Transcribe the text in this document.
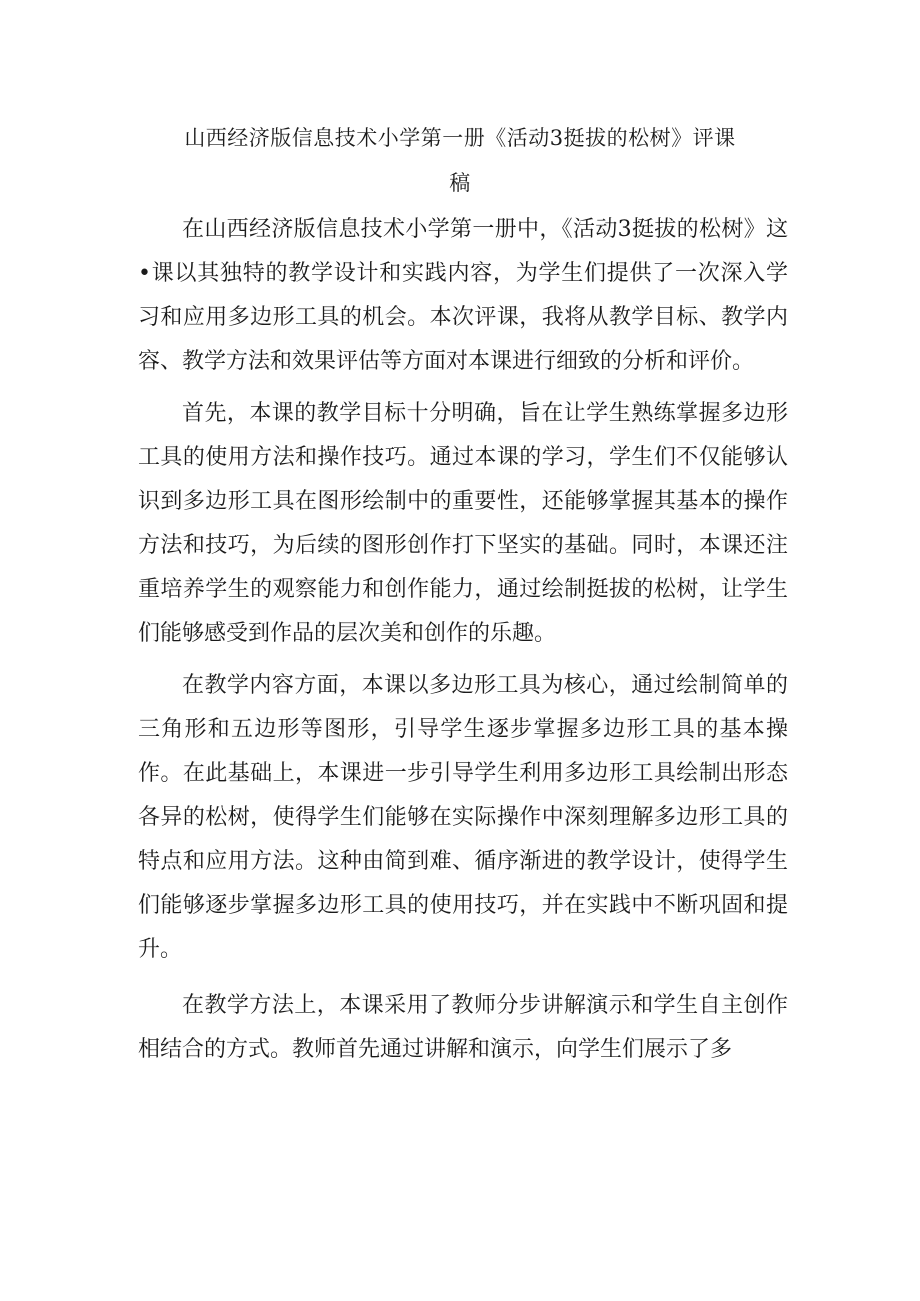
山西经济版信息技术小学第一册《活动3挺拔的松树》评课
稿

在山西经济版信息技术小学第一册中，《活动3挺拔的松树》这•课以其独特的教学设计和实践内容，为学生们提供了一次深入学习和应用多边形工具的机会。本次评课，我将从教学目标、教学内容、教学方法和效果评估等方面对本课进行细致的分析和评价。

首先，本课的教学目标十分明确，旨在让学生熟练掌握多边形工具的使用方法和操作技巧。通过本课的学习，学生们不仅能够认识到多边形工具在图形绘制中的重要性，还能够掌握其基本的操作方法和技巧，为后续的图形创作打下坚实的基础。同时，本课还注重培养学生的观察能力和创作能力，通过绘制挺拔的松树，让学生们能够感受到作品的层次美和创作的乐趣。

在教学内容方面，本课以多边形工具为核心，通过绘制简单的三角形和五边形等图形，引导学生逐步掌握多边形工具的基本操作。在此基础上，本课进一步引导学生利用多边形工具绘制出形态各异的松树，使得学生们能够在实际操作中深刻理解多边形工具的特点和应用方法。这种由简到难、循序渐进的教学设计，使得学生们能够逐步掌握多边形工具的使用技巧，并在实践中不断巩固和提升。

在教学方法上，本课采用了教师分步讲解演示和学生自主创作相结合的方式。教师首先通过讲解和演示，向学生们展示了多
